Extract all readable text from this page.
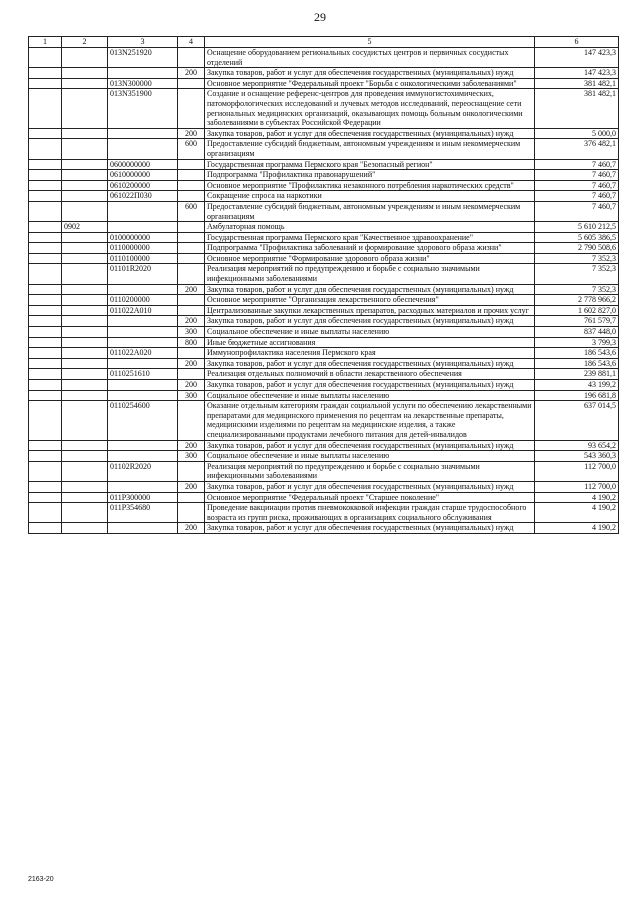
29
1	2	3	4	5	6
		013N251920		Оснащение оборудованием региональных сосудистых центров и первичных сосудистых отделений	147 423,3
			200	Закупка товаров, работ и услуг для обеспечения государственных (муниципальных) нужд	147 423,3
		013N300000		Основное мероприятие "Федеральный проект "Борьба с онкологическими заболеваниями"	381 482,1
		013N351900		Создание и оснащение референс-центров для проведения иммуногистохимических, патоморфологических исследований и лучевых методов исследований, переоснащение сети региональных медицинских организаций, оказывающих помощь больным онкологическими заболеваниями в субъектах Российской Федерации	381 482,1
			200	Закупка товаров, работ и услуг для обеспечения государственных (муниципальных) нужд	5 000,0
			600	Предоставление субсидий бюджетным, автономным учреждениям и иным некоммерческим организациям	376 482,1
		0600000000		Государственная программа Пермского края "Безопасный регион"	7 460,7
		0610000000		Подпрограмма "Профилактика правонарушений"	7 460,7
		0610200000		Основное мероприятие "Профилактика незаконного потребления наркотических средств"	7 460,7
		061022П030		Сокращение спроса на наркотики	7 460,7
			600	Предоставление субсидий бюджетным, автономным учреждениям и иным некоммерческим организациям	7 460,7
	0902			Амбулаторная помощь	5 610 212,5
		0100000000		Государственная программа Пермского края "Качественное здравоохранение"	5 605 386,5
		0110000000		Подпрограмма "Профилактика заболеваний и формирование здорового образа жизни"	2 790 508,6
		0110100000		Основное мероприятие "Формирование здорового образа жизни"	7 352,3
		01101R2020		Реализация мероприятий по предупреждению и борьбе с социально значимыми инфекционными заболеваниями	7 352,3
			200	Закупка товаров, работ и услуг для обеспечения государственных (муниципальных) нужд	7 352,3
		0110200000		Основное мероприятие "Организация лекарственного обеспечения"	2 778 966,2
		011022А010		Централизованные закупки лекарственных препаратов, расходных материалов и прочих услуг	1 602 827,0
			200	Закупка товаров, работ и услуг для обеспечения государственных (муниципальных) нужд	761 579,7
			300	Социальное обеспечение и иные выплаты населению	837 448,0
			800	Иные бюджетные ассигнования	3 799,3
		011022А020		Иммунопрофилактика населения Пермского края	186 543,6
			200	Закупка товаров, работ и услуг для обеспечения государственных (муниципальных) нужд	186 543,6
		0110251610		Реализация отдельных полномочий в области лекарственного обеспечения	239 881,1
			200	Закупка товаров, работ и услуг для обеспечения государственных (муниципальных) нужд	43 199,2
			300	Социальное обеспечение и иные выплаты населению	196 681,8
		0110254600		Оказание отдельным категориям граждан социальной услуги по обеспечению лекарственными препаратами для медицинского применения по рецептам на лекарственные препараты, медицинскими изделиями по рецептам на медицинские изделия, а также специализированными продуктами лечебного питания для детей-инвалидов	637 014,5
			200	Закупка товаров, работ и услуг для обеспечения государственных (муниципальных) нужд	93 654,2
			300	Социальное обеспечение и иные выплаты населению	543 360,3
		01102R2020		Реализация мероприятий по предупреждению и борьбе с социально значимыми инфекционными заболеваниями	112 700,0
			200	Закупка товаров, работ и услуг для обеспечения государственных (муниципальных) нужд	112 700,0
		011P300000		Основное мероприятие "Федеральный проект "Старшее поколение"	4 190,2
		011P354680		Проведение вакцинации против пневмококковой инфекции граждан старше трудоспособного возраста из групп риска, проживающих в организациях социального обслуживания	4 190,2
			200	Закупка товаров, работ и услуг для обеспечения государственных (муниципальных) нужд	4 190,2
2163-20
